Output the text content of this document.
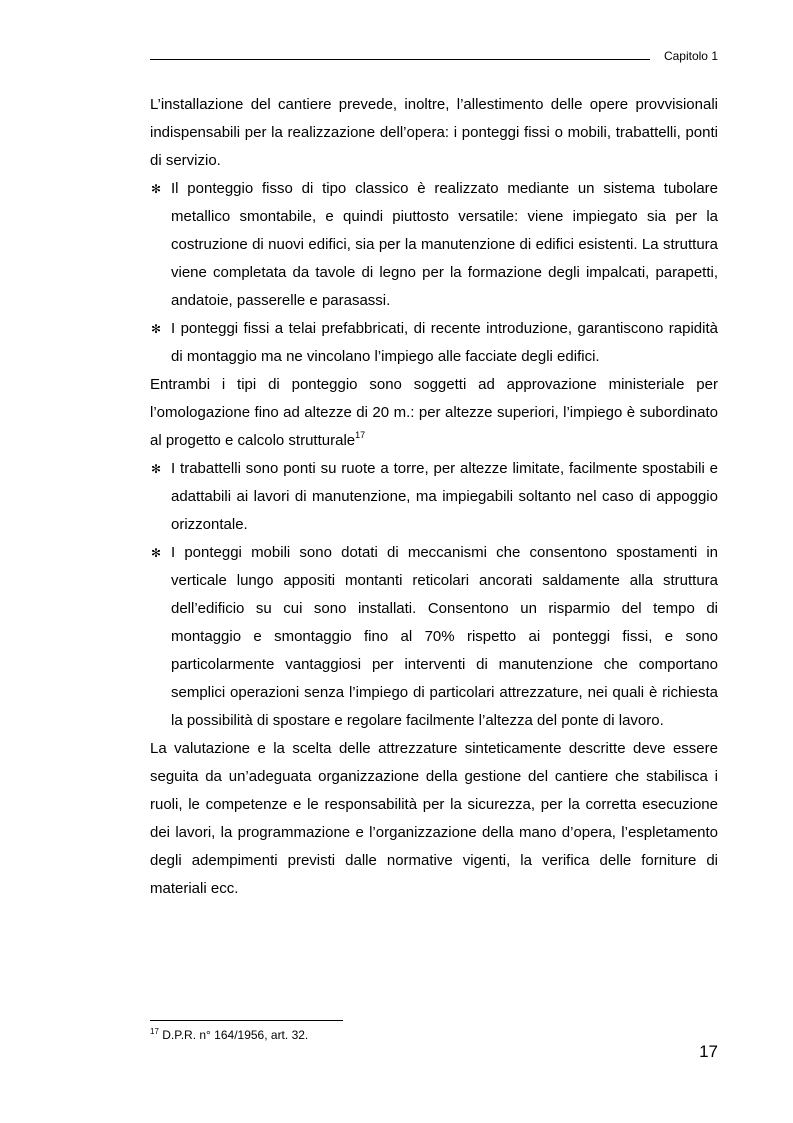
Capitolo 1

L’installazione del cantiere prevede, inoltre, l’allestimento delle opere provvisionali indispensabili per la realizzazione dell’opera: i ponteggi fissi o mobili, trabattelli, ponti di servizio.

✻ Il ponteggio fisso di tipo classico è realizzato mediante un sistema tubolare metallico smontabile, e quindi piuttosto versatile: viene impiegato sia per la costruzione di nuovi edifici, sia per la manutenzione di edifici esistenti. La struttura viene completata da tavole di legno per la formazione degli impalcati, parapetti, andatoie, passerelle e parasassi.
✻ I ponteggi fissi a telai prefabbricati, di recente introduzione, garantiscono rapidità di montaggio ma ne vincolano l’impiego alle facciate degli edifici.

Entrambi i tipi di ponteggio sono soggetti ad approvazione ministeriale per l’omologazione fino ad altezze di 20 m.: per altezze superiori, l’impiego è subordinato al progetto e calcolo strutturale$^{17}$

✻ I trabattelli sono ponti su ruote a torre, per altezze limitate, facilmente spostabili e adattabili ai lavori di manutenzione, ma impiegabili soltanto nel caso di appoggio orizzontale.
✻ I ponteggi mobili sono dotati di meccanismi che consentono spostamenti in verticale lungo appositi montanti reticolari ancorati saldamente alla struttura dell’edificio su cui sono installati. Consentono un risparmio del tempo di montaggio e smontaggio fino al 70% rispetto ai ponteggi fissi, e sono particolarmente vantaggiosi per interventi di manutenzione che comportano semplici operazioni senza l’impiego di particolari attrezzature, nei quali è richiesta la possibilità di spostare e regolare facilmente l’altezza del ponte di lavoro.

La valutazione e la scelta delle attrezzature sinteticamente descritte deve essere seguita da un’adeguata organizzazione della gestione del cantiere che stabilisca i ruoli, le competenze e le responsabilità per la sicurezza, per la corretta esecuzione dei lavori, la programmazione e l’organizzazione della mano d’opera, l’espletamento degli adempimenti previsti dalle normative vigenti, la verifica delle forniture di materiali ecc.

$^{17}$ D.P.R. n° 164/1956, art. 32.
17
